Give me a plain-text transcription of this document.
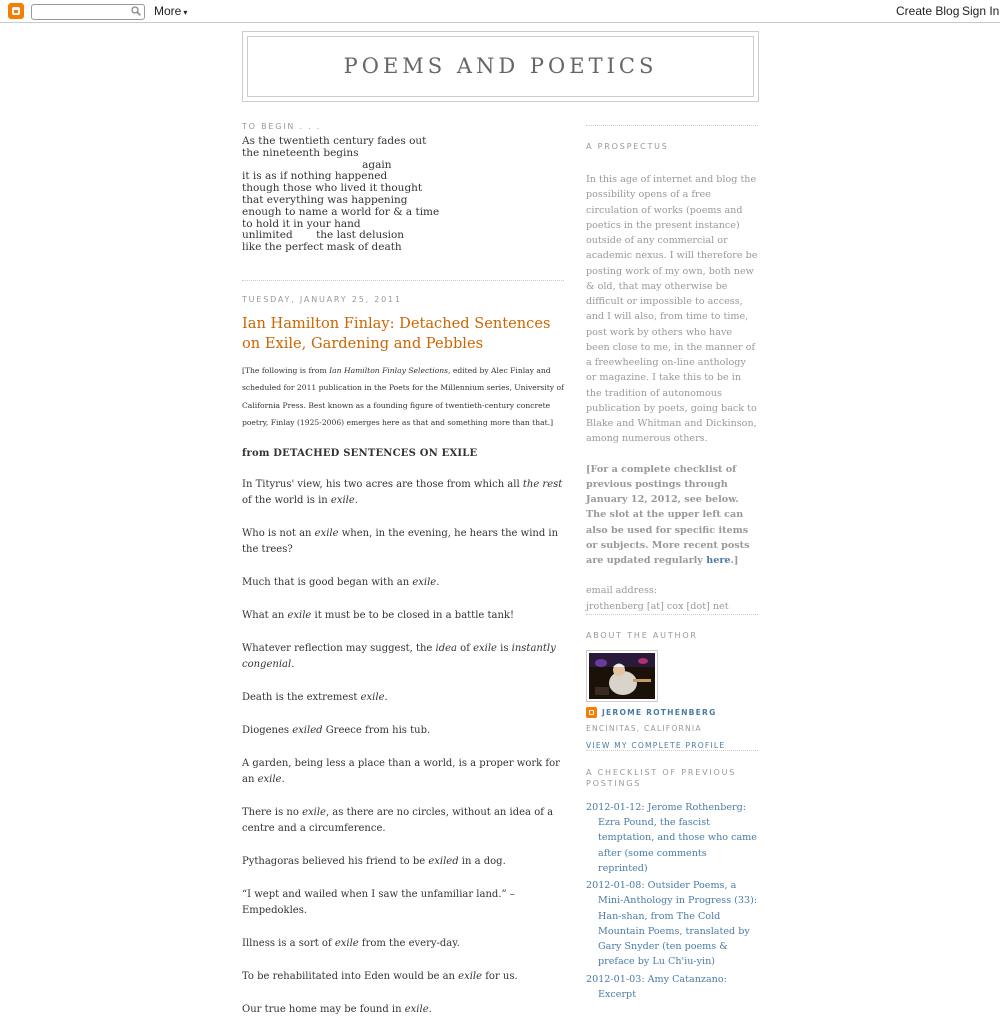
More ▾	Create Blog Sign In
POEMS AND POETICS
TO BEGIN . . .
As the twentieth century fades out
the nineteenth begins
again
it is as if nothing happened
though those who lived it thought
that everything was happening
enough to name a world for & a time
to hold it in your hand
unlimited       the last delusion
like the perfect mask of death
TUESDAY, JANUARY 25, 2011
Ian Hamilton Finlay: Detached Sentences on Exile, Gardening and Pebbles
[The following is from Ian Hamilton Finlay Selections, edited by Alec Finlay and scheduled for 2011 publication in the Poets for the Millennium series, University of California Press. Best known as a founding figure of twentieth-century concrete poetry, Finlay (1925-2006) emerges here as that and something more than that.]
from DETACHED SENTENCES ON EXILE
In Tityrus' view, his two acres are those from which all the rest of the world is in exile.
Who is not an exile when, in the evening, he hears the wind in the trees?
Much that is good began with an exile.
What an exile it must be to be closed in a battle tank!
Whatever reflection may suggest, the idea of exile is instantly congenial.
Death is the extremest exile.
Diogenes exiled Greece from his tub.
A garden, being less a place than a world, is a proper work for an exile.
There is no exile, as there are no circles, without an idea of a centre and a circumference.
Pythagoras believed his friend to be exiled in a dog.
“I wept and wailed when I saw the unfamiliar land.” – Empedokles.
Illness is a sort of exile from the every-day.
To be rehabilitated into Eden would be an exile for us.
Our true home may be found in exile.
A PROSPECTUS
In this age of internet and blog the possibility opens of a free circulation of works (poems and poetics in the present instance) outside of any commercial or academic nexus. I will therefore be posting work of my own, both new & old, that may otherwise be difficult or impossible to access, and I will also, from time to time, post work by others who have been close to me, in the manner of a freewheeling on-line anthology or magazine. I take this to be in the tradition of autonomous publication by poets, going back to Blake and Whitman and Dickinson, among numerous others.
[For a complete checklist of previous postings through January 12, 2012, see below. The slot at the upper left can also be used for specific items or subjects. More recent posts are updated regularly here.]
email address:
jrothenberg [at] cox [dot] net
ABOUT THE AUTHOR
JEROME ROTHENBERG
ENCINITAS, CALIFORNIA
VIEW MY COMPLETE PROFILE
A CHECKLIST OF PREVIOUS POSTINGS
2012-01-12: Jerome Rothenberg: Ezra Pound, the fascist temptation, and those who came after (some comments reprinted)
2012-01-08: Outsider Poems, a Mini-Anthology in Progress (33): Han-shan, from The Cold Mountain Poems, translated by Gary Snyder (ten poems & preface by Lu Ch'iu-yin)
2012-01-03: Amy Catanzano: Excerpt
